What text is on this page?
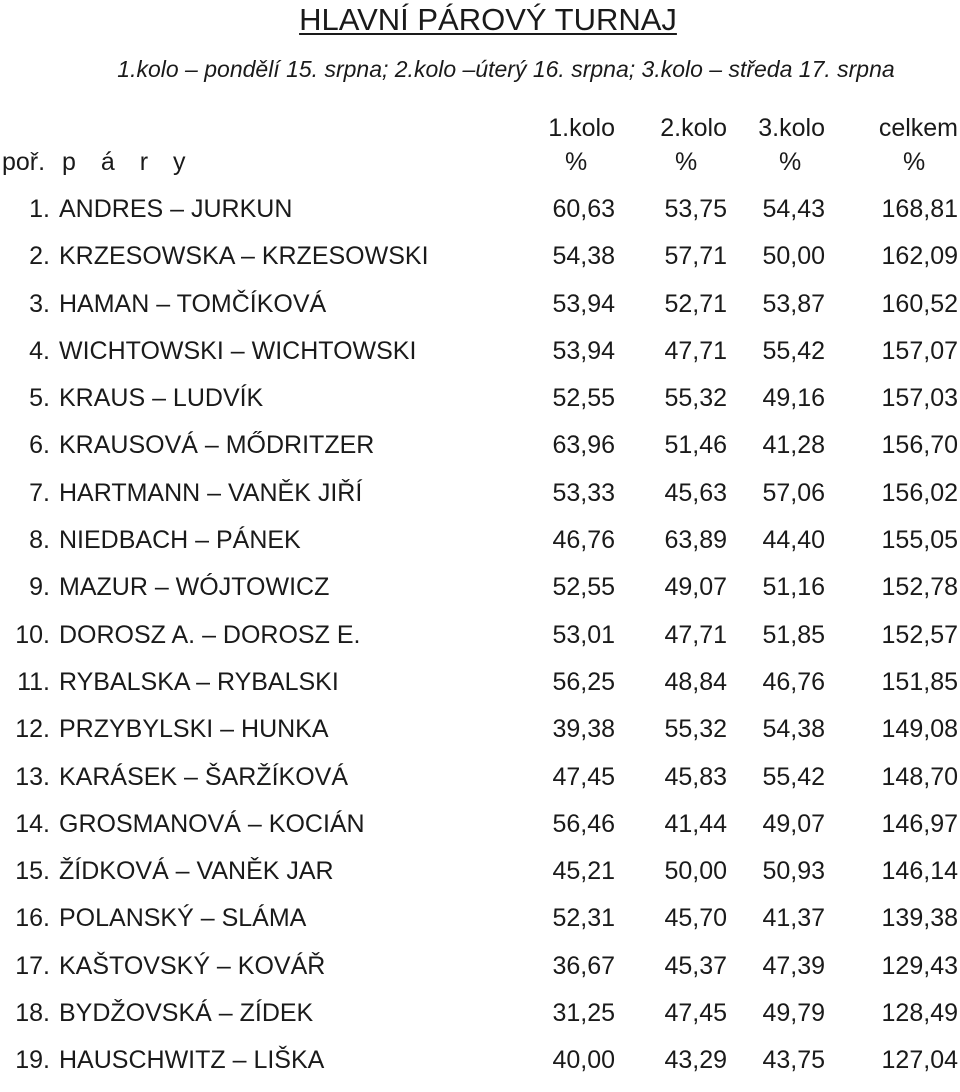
HLAVNÍ PÁROVÝ TURNAJ
1.kolo – pondělí 15. srpna; 2.kolo –úterý 16. srpna; 3.kolo – středa 17. srpna
1.kolo 2.kolo 3.kolo celkem
poř. p á r y	%	%	%	%
1. ANDRES – JURKUN	60,63 53,75 54,43 168,81
2. KRZESOWSKA – KRZESOWSKI	54,38 57,71 50,00 162,09
3. HAMAN – TOMČÍKOVÁ	53,94 52,71 53,87 160,52
4. WICHTOWSKI – WICHTOWSKI	53,94 47,71 55,42 157,07
5. KRAUS – LUDVÍK	52,55 55,32 49,16 157,03
6. KRAUSOVÁ – MŐDRITZER	63,96 51,46 41,28 156,70
7. HARTMANN – VANĚK JIŘÍ	53,33 45,63 57,06 156,02
8. NIEDBACH – PÁNEK	46,76 63,89 44,40 155,05
9. MAZUR – WÓJTOWICZ	52,55 49,07 51,16 152,78
10. DOROSZ A. – DOROSZ E.	53,01 47,71 51,85 152,57
11. RYBALSKA – RYBALSKI	56,25 48,84 46,76 151,85
12. PRZYBYLSKI – HUNKA	39,38 55,32 54,38 149,08
13. KARÁSEK – ŠARŽÍKOVÁ	47,45 45,83 55,42 148,70
14. GROSMANOVÁ – KOCIÁN	56,46 41,44 49,07 146,97
15. ŽÍDKOVÁ – VANĚK JAR	45,21 50,00 50,93 146,14
16. POLANSKÝ – SLÁMA	52,31 45,70 41,37 139,38
17. KAŠTOVSKÝ – KOVÁŘ	36,67 45,37 47,39 129,43
18. BYDŽOVSKÁ – ZÍDEK	31,25 47,45 49,79 128,49
19. HAUSCHWITZ – LIŠKA	40,00 43,29 43,75 127,04
